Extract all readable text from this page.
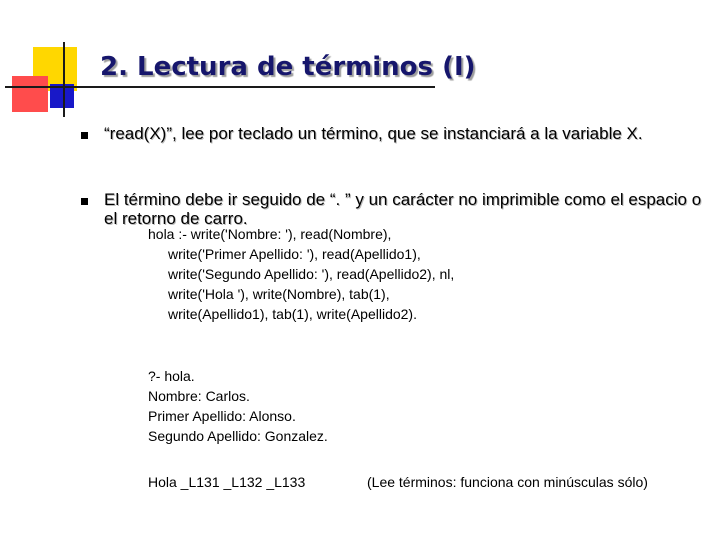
2. Lectura de términos (I)
“read(X)”, lee por teclado un término, que se instanciará a la variable X.
El término debe ir seguido de “. ” y un carácter no imprimible como el espacio o el retorno de carro.
hola :- write('Nombre: '), read(Nombre),
write('Primer Apellido: '), read(Apellido1),
write('Segundo Apellido: '), read(Apellido2), nl,
write('Hola '), write(Nombre), tab(1),
write(Apellido1), tab(1), write(Apellido2).
?- hola.
Nombre: Carlos.
Primer Apellido: Alonso.
Segundo Apellido: Gonzalez.
Hola _L131 _L132 _L133	(Lee términos: funciona con minúsculas sólo)
